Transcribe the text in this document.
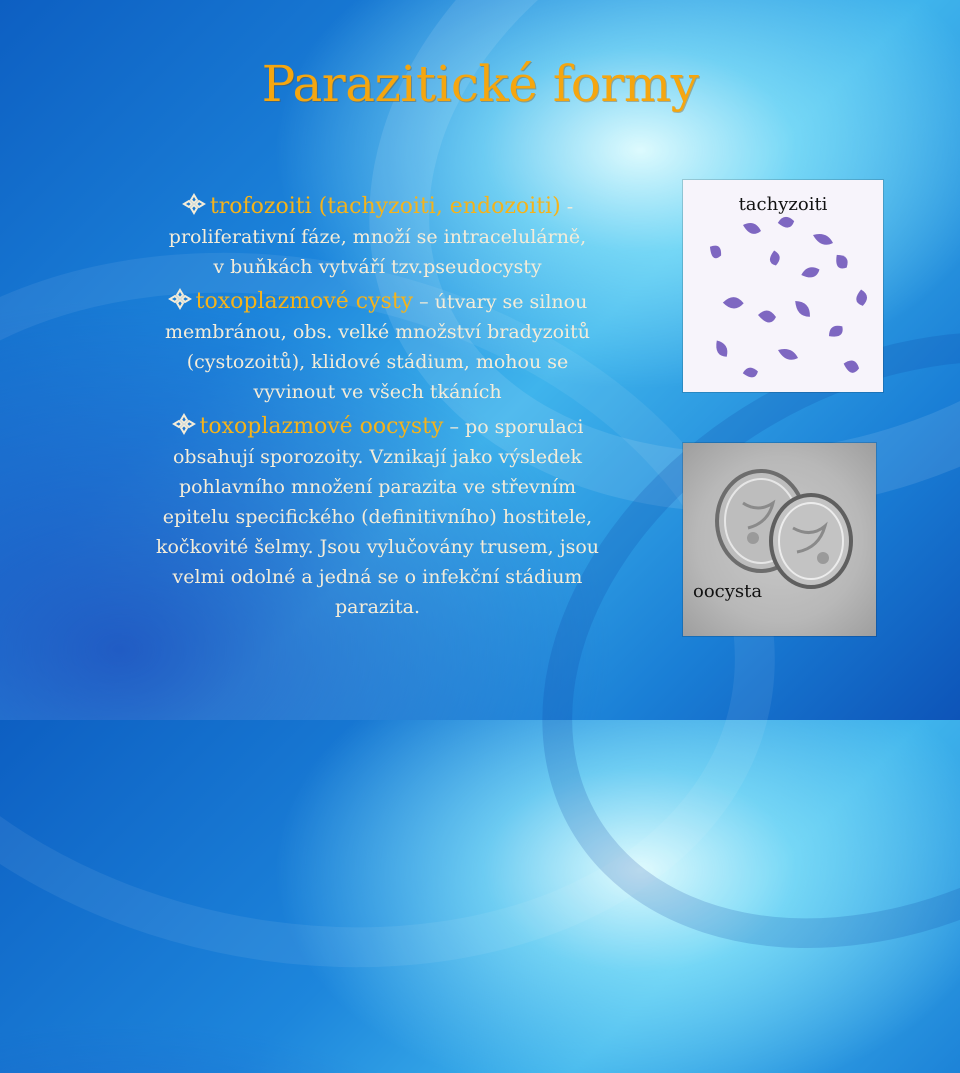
Parazitické formy
trofozoiti (tachyzoiti, endozoiti) -
proliferativní fáze, množí se intracelulárně,
v buňkách vytváří tzv.pseudocysty
toxoplazmové cysty – útvary se silnou
membránou, obs. velké množství bradyzoitů
(cystozoitů), klidové stádium, mohou se
vyvinout ve všech tkáních
toxoplazmové oocysty – po sporulaci
obsahují sporozoity. Vznikají jako výsledek
pohlavního množení parazita ve střevním
epitelu specifického (definitivního) hostitele,
kočkovité šelmy. Jsou vylučovány trusem, jsou
velmi odolné a jedná se o infekční stádium
parazita.
tachyzoiti
oocysta
